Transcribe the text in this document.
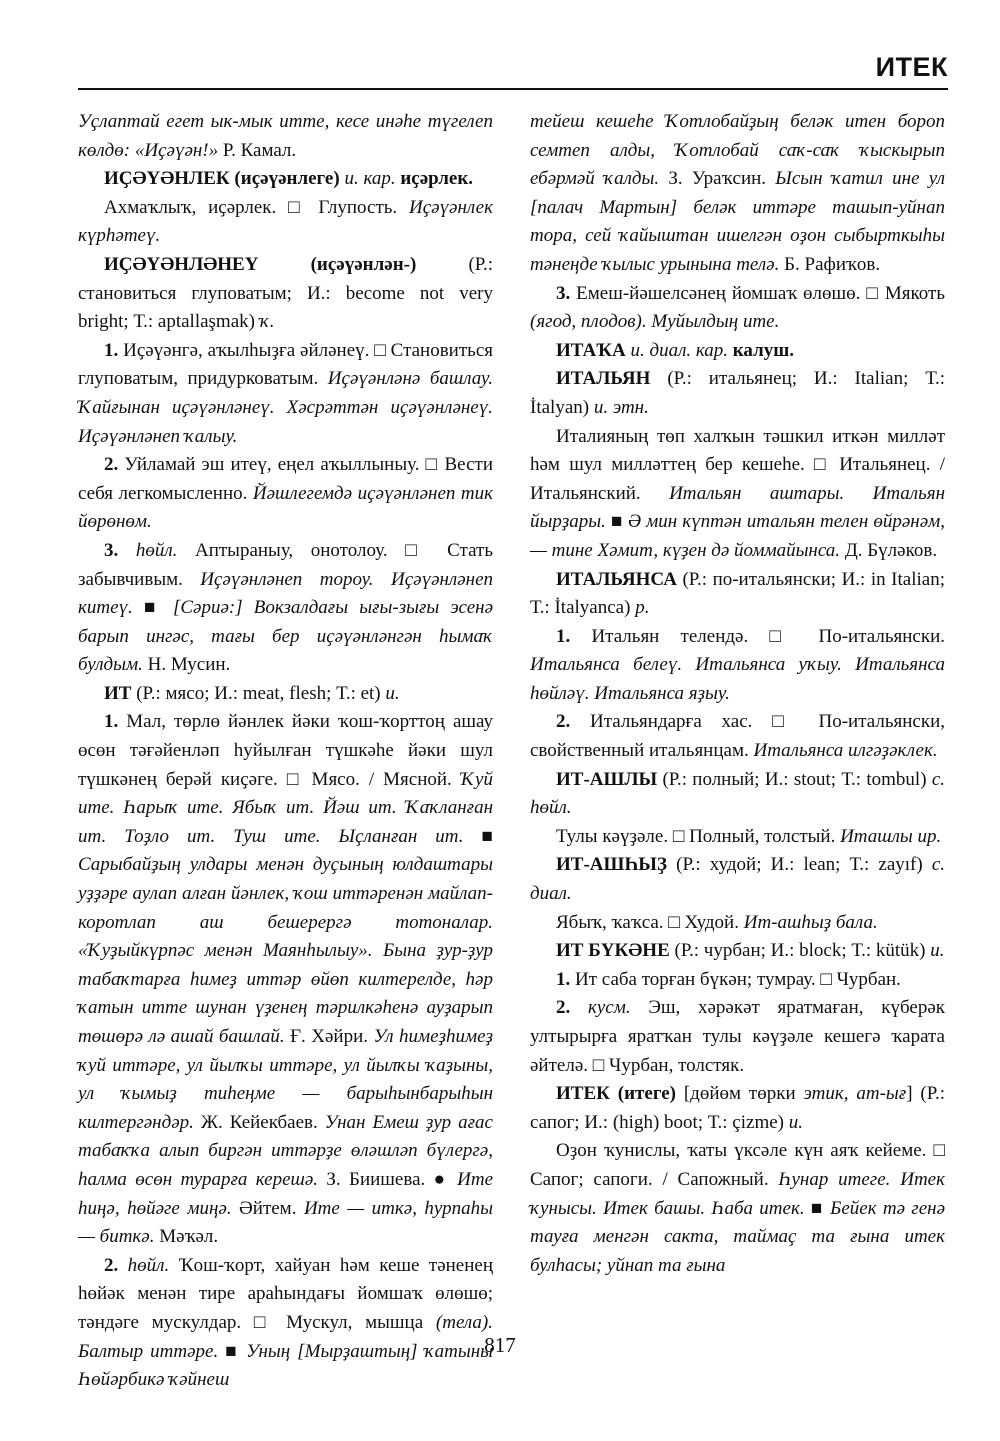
ИТЕК

Уҫлаптай егет ык-мык итте, кесе инәһе түгелеп көлдө: «Иҫәүән!» Р. Камал.

ИҪӘҮӘНЛЕК (иҫәүәнлеге) и. кар. иҫәрлек.

Ахмаҡлыҡ, иҫәрлек. □ Глупость. Иҫәүәнлек күрһәтеү.

ИҪӘҮӘНЛӘНЕҮ (иҫәүәнлән-) (Р.: становиться глуповатым; И.: become not very bright; Т.: aptallaşmak) ҡ.

1. Иҫәүәнгә, аҡылһыҙға әйләнеү. □ Становиться глуповатым, придурковатым. Иҫәүәнләнә башлау. Ҡайғынан иҫәүәнләнеү. Хәсрәттән иҫәүәнләнеү. Иҫәүәнләнеп ҡалыу.

2. Уйламай эш итеү, еңел аҡыллыныу. □ Вести себя легкомысленно. Йәшлегемдә иҫәүәнләнеп тик йөрөнөм.

3. һөйл. Аптыраныу, онотолоу. □ Стать забывчивым. Иҫәүәнләнеп тороу. Иҫәүәнләнеп китеү. ■ [Сәриә:] Вокзалдағы ығы-зығы эсенә барып ингәс, тағы бер иҫәүәнләнгән һымаҡ булдым. Н. Мусин.

ИТ (Р.: мясо; И.: meat, flesh; Т.: et) и.

1. Мал, төрлө йәнлек йәки ҡош-ҡорттоң ашау өсөн тәғәйенләп һуйылған түшкәһе йәки шул түшкәнең берәй киҫәге. □ Мясо. / Мясной. Ҡуй ите. Һарыҡ ите. Ябыҡ ит. Йәш ит. Ҡаҡланған ит. Тоҙло ит. Туш ите. Ыҫланған ит. ■ Сарыбайҙың улдары менән дуҫының юлдаштары уҙҙәре аулап алған йәнлек, ҡош иттәренән майлап-коротлап аш бешерергә тотоналар. «Ҡуҙыйкүрпәс менән Маянһылыу». Бына ҙур-ҙур табаҡтарға һимеҙ иттәр өйөп килтерелде, һәр ҡатын итте шунан үҙенең тәрилкәһенә ауҙарып төшөрә лә ашай башлай. Ғ. Хәйри. Ул һимеҙһимеҙ ҡуй иттәре, ул йылҡы иттәре, ул йылҡы ҡаҙыны, ул ҡымыҙ тиһеңме — барыһынбарыһын килтергәндәр. Ж. Кейекбаев. Унан Емеш ҙур ағас табаҡҡа алып биргән иттәрҙе өләшләп бүлергә, һалма өсөн турарға керешә. З. Биишева. ● Ите һиңә, һөйәге миңә. Әйтем. Ите — иткә, һурпаһы — биткә. Мәҡәл.

2. һөйл. Ҡош-ҡорт, хайуан һәм кеше тәненең һөйәк менән тире араһындағы йомшаҡ өлөшө; тәндәге мускулдар. □ Мускул, мышца (тела). Балтыр иттәре. ■ Уның [Мырҙаштың] ҡатыны Һөйәрбикә ҡәйнеш

тейеш кешеһе Ҡотлобайҙың беләк итен бороп семтеп алды, Ҡотлобай саҡ-саҡ ҡыскырып ебәрмәй ҡалды. З. Ураҡсин. Ысын ҡатил ине ул [палач Мартын] беләк иттәре ташып-уйнап тора, сей ҡайыштан ишелгән оҙон сыбырткыһы тәнеңде ҡылыс урынына телә. Б. Рафиҡов.

3. Емеш-йәшелсәнең йомшаҡ өлөшө. □ Мякоть (ягод, плодов). Муйылдың ите.

ИТАҠА и. диал. кар. калуш.

ИТАЛЬЯН (Р.: итальянец; И.: Italian; Т.: İtalyan) и. этн.

Италияның төп халҡын тәшкил иткән милләт һәм шул милләттең бер кешеһе. □ Итальянец. / Итальянский. Итальян аштары. Итальян йырҙары. ■ Ә мин күптән итальян телен өйрәнәм, — тине Хәмит, күҙен дә йоммайынса. Д. Бүләков.

ИТАЛЬЯНСА (Р.: по-итальянски; И.: in Italian; Т.: İtalyanca) р.

1. Итальян телендә. □ По-итальянски. Итальянса белеү. Итальянса уҡыу. Итальянса һөйләү. Итальянса яҙыу.

2. Итальяндарға хас. □ По-итальянски, свойственный итальянцам. Итальянса илгәҙәклек.

ИТ-АШЛЫ (Р.: полный; И.: stout; Т.: tombul) с. һөйл.

Тулы кәүҙәле. □ Полный, толстый. Иташлы ир.

ИТ-АШҺЫҘ (Р.: худой; И.: lean; Т.: zayıf) с. диал.

Ябыҡ, ҡаҡса. □ Худой. Ит-ашһыҙ бала.

ИТ БҮКӘНЕ (Р.: чурбан; И.: block; Т.: kütük) и.

1. Ит саба торған бүкән; тумрау. □ Чурбан.

2. кусм. Эш, хәрәкәт яратмаған, күберәк ултырырға яратҡан тулы кәүҙәле кешегә ҡарата әйтелә. □ Чурбан, толстяк.

ИТЕК (итеге) [дөйөм төрки этик, ат-ығ] (Р.: сапог; И.: (high) boot; Т.: çizme) и.

Оҙон ҡунислы, ҡаты үксәле күн аяҡ кейеме. □ Сапог; сапоги. / Сапожный. Һунар итеге. Итек ҡунысы. Итек башы. Һаба итек. ■ Бейек тә генә тауға менгән сакта, таймаҫ та ғына итек булһасы; уйнап та ғына

817
